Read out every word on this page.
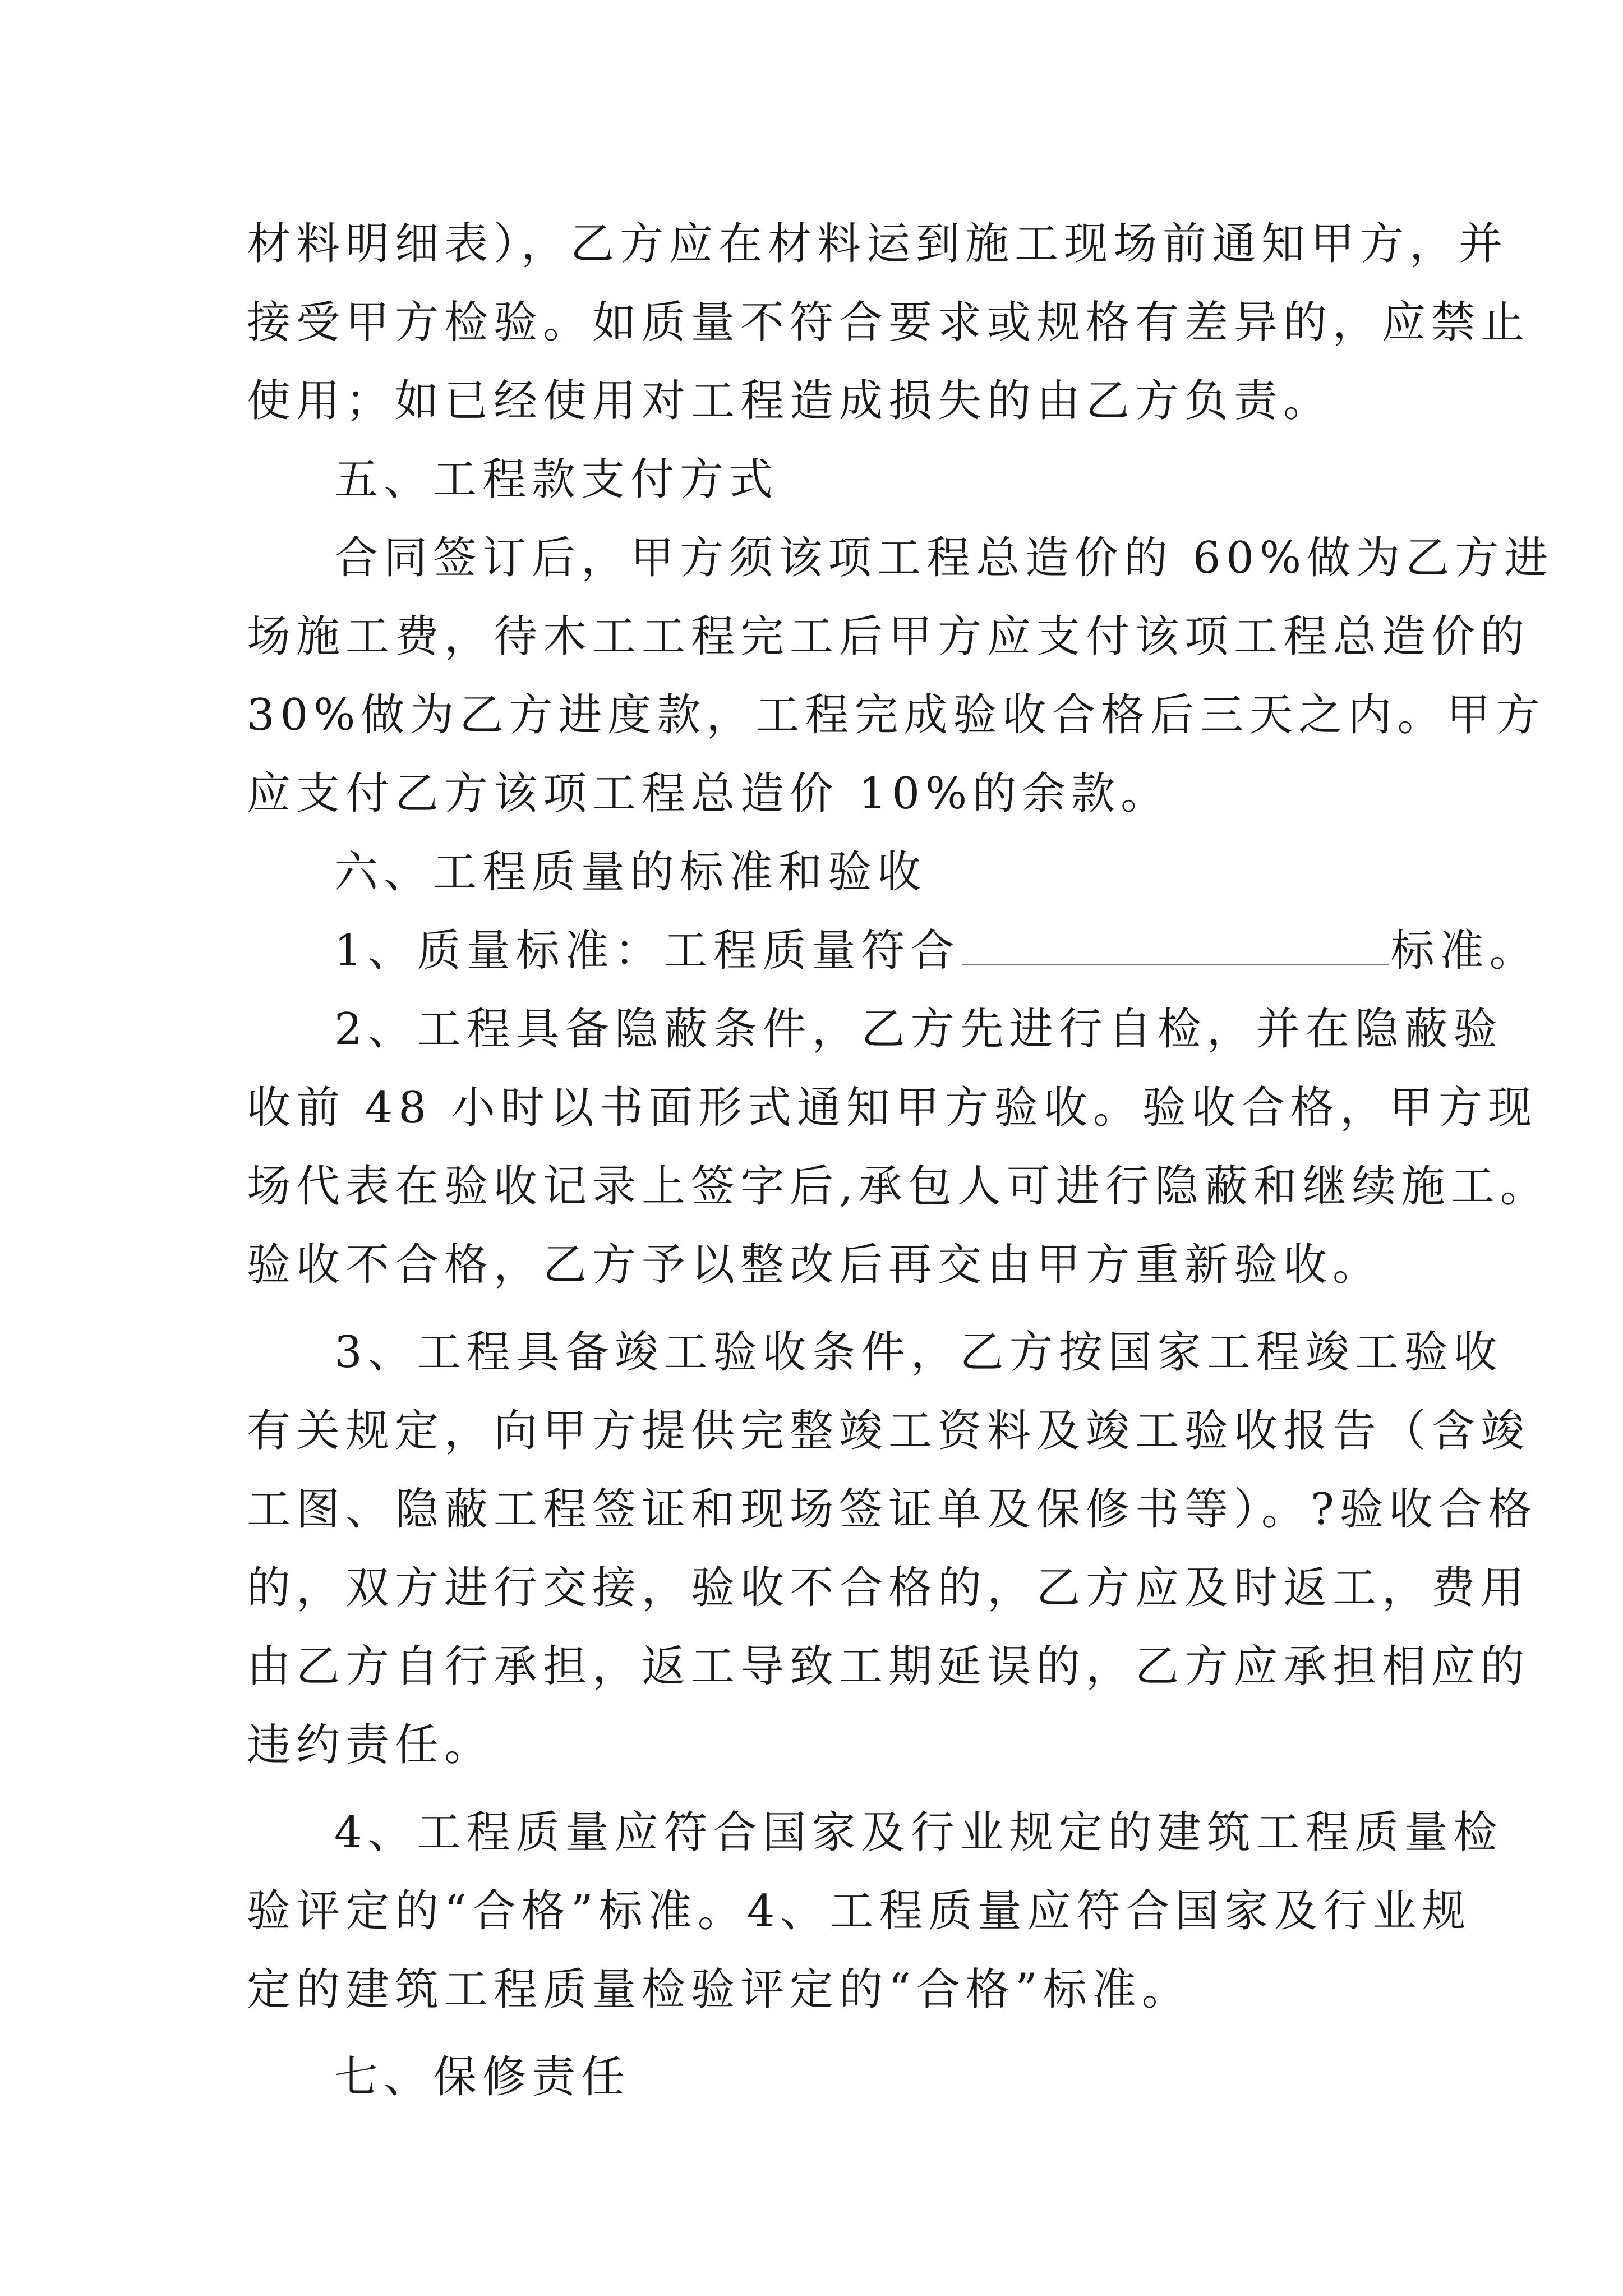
材料明细表），乙方应在材料运到施工现场前通知甲方，并
接受甲方检验。如质量不符合要求或规格有差异的，应禁止
使用；如已经使用对工程造成损失的由乙方负责。
五、工程款支付方式
合同签订后，甲方须该项工程总造价的 60%做为乙方进
场施工费，待木工工程完工后甲方应支付该项工程总造价的
30%做为乙方进度款，工程完成验收合格后三天之内。甲方
应支付乙方该项工程总造价 10%的余款。
六、工程质量的标准和验收
1、质量标准：工程质量符合	标准。
2、工程具备隐蔽条件，乙方先进行自检，并在隐蔽验
收前 48 小时以书面形式通知甲方验收。验收合格，甲方现
场代表在验收记录上签字后,承包人可进行隐蔽和继续施工。
验收不合格，乙方予以整改后再交由甲方重新验收。
3、工程具备竣工验收条件，乙方按国家工程竣工验收
有关规定，向甲方提供完整竣工资料及竣工验收报告（含竣
工图、隐蔽工程签证和现场签证单及保修书等）。?验收合格
的，双方进行交接，验收不合格的，乙方应及时返工，费用
由乙方自行承担，返工导致工期延误的，乙方应承担相应的
违约责任。
4、工程质量应符合国家及行业规定的建筑工程质量检
验评定的“合格”标准。4、工程质量应符合国家及行业规
定的建筑工程质量检验评定的“合格”标准。
七、保修责任
